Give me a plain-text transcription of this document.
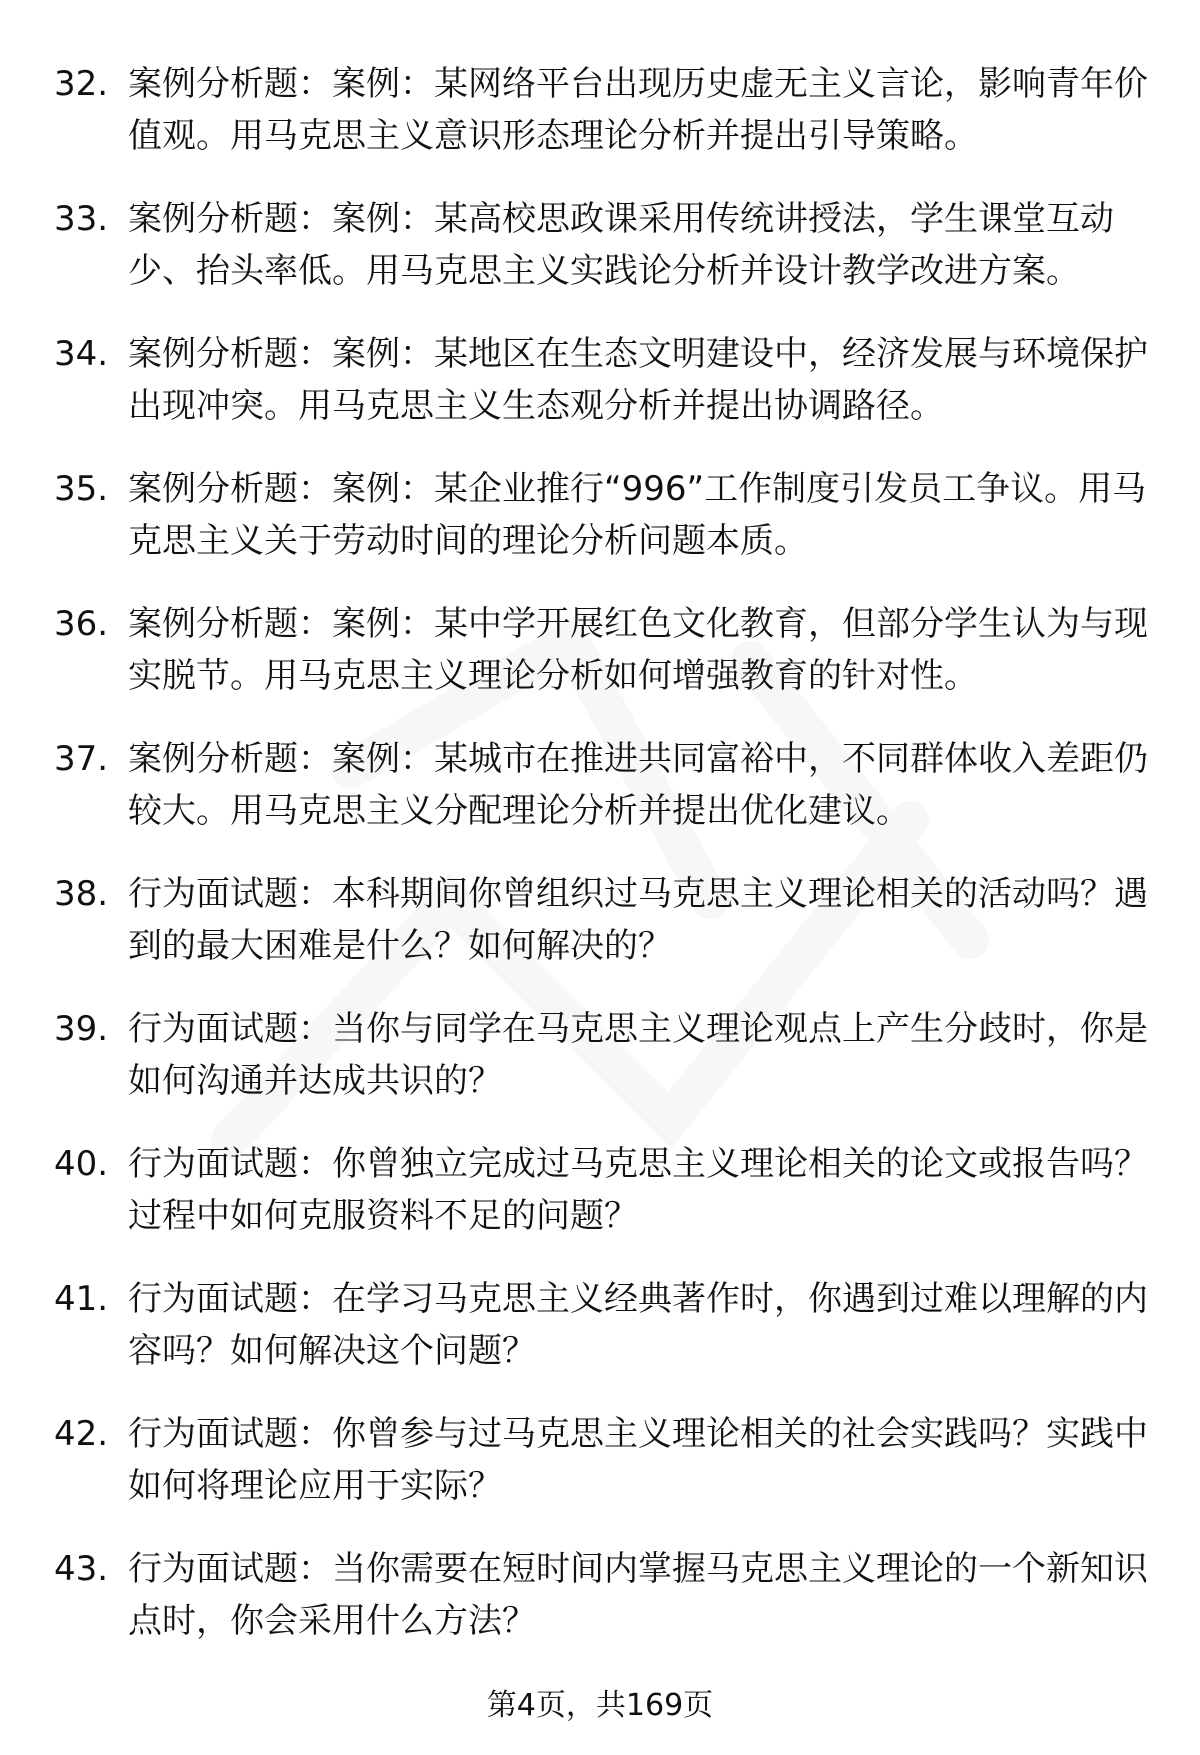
32. 案例分析题：案例：某网络平台出现历史虚无主义言论，影响青年价值观。用马克思主义意识形态理论分析并提出引导策略。
33. 案例分析题：案例：某高校思政课采用传统讲授法，学生课堂互动少、抬头率低。用马克思主义实践论分析并设计教学改进方案。
34. 案例分析题：案例：某地区在生态文明建设中，经济发展与环境保护出现冲突。用马克思主义生态观分析并提出协调路径。
35. 案例分析题：案例：某企业推行“996”工作制度引发员工争议。用马克思主义关于劳动时间的理论分析问题本质。
36. 案例分析题：案例：某中学开展红色文化教育，但部分学生认为与现实脱节。用马克思主义理论分析如何增强教育的针对性。
37. 案例分析题：案例：某城市在推进共同富裕中，不同群体收入差距仍较大。用马克思主义分配理论分析并提出优化建议。
38. 行为面试题：本科期间你曾组织过马克思主义理论相关的活动吗？遇到的最大困难是什么？如何解决的？
39. 行为面试题：当你与同学在马克思主义理论观点上产生分歧时，你是如何沟通并达成共识的？
40. 行为面试题：你曾独立完成过马克思主义理论相关的论文或报告吗？过程中如何克服资料不足的问题？
41. 行为面试题：在学习马克思主义经典著作时，你遇到过难以理解的内容吗？如何解决这个问题？
42. 行为面试题：你曾参与过马克思主义理论相关的社会实践吗？实践中如何将理论应用于实际？
43. 行为面试题：当你需要在短时间内掌握马克思主义理论的一个新知识点时，你会采用什么方法？
第4页，共169页
